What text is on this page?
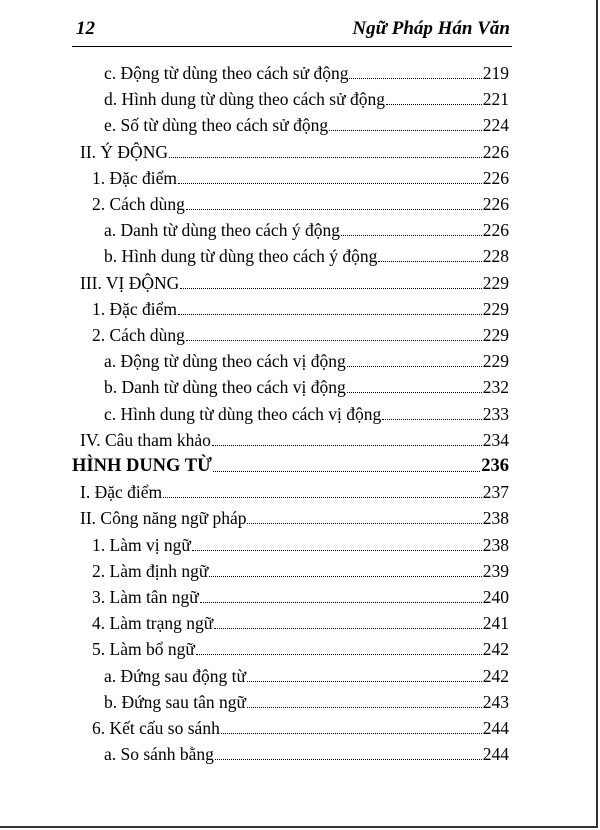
12	Ngữ Pháp Hán Văn
c. Động từ dùng theo cách sử động	219
d. Hình dung từ dùng theo cách sử động	221
e. Số từ dùng theo cách sử động	224
II. Ý ĐỘNG	226
1. Đặc điểm	226
2. Cách dùng	226
a. Danh từ dùng theo cách ý động	226
b. Hình dung từ dùng theo cách ý động	228
III. VỊ ĐỘNG	229
1. Đặc điểm	229
2. Cách dùng	229
a. Động từ dùng theo cách vị động	229
b. Danh từ dùng theo cách vị động	232
c. Hình dung từ dùng theo cách vị động	233
IV. Câu tham khảo	234
HÌNH DUNG TỪ	236
I. Đặc điểm	237
II. Công năng ngữ pháp	238
1. Làm vị ngữ	238
2. Làm định ngữ	239
3. Làm tân ngữ	240
4. Làm trạng ngữ	241
5. Làm bổ ngữ	242
a. Đứng sau động từ	242
b. Đứng sau tân ngữ	243
6. Kết cấu so sánh	244
a. So sánh bằng	244
